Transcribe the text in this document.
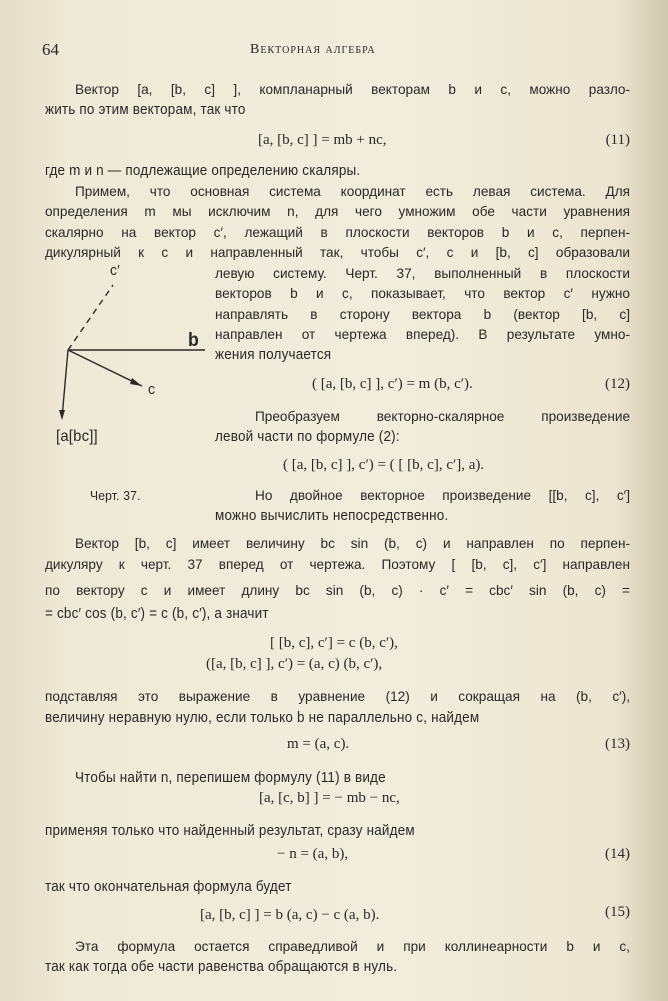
64	Векторная алгебра
Вектор [a, [b, c] ], компланарный векторам b и c, можно разло-
жить по этим векторам, так что
[a, [b, c] ] = mb + nc,	(11)
где m и n — подлежащие определению скаляры.
Примем, что основная система координат есть левая система. Для
определения m мы исключим n, для чего умножим обе части уравнения
скалярно на вектор c′, лежащий в плоскости векторов b и c, перпен-
дикулярный к c и направленный так, чтобы c′, c и [b, c] образовали
левую систему. Черт. 37, выполненный в плоскости
векторов b и c, показывает, что вектор c′ нужно
направлять в сторону вектора b (вектор [b, c]
направлен от чертежа вперед). В результате умно-
жения получается
( [a, [b, c] ], c′) = m (b, c′).	(12)
Преобразуем векторно-скалярное произведение
левой части по формуле (2):
( [a, [b, c] ], c′) = ( [ [b, c], c′], a).
Но двойное векторное произведение [[b, c], c′]
можно вычислить непосредственно.
Черт. 37.
c′
b
c
[a[bc]]
Вектор [b, c] имеет величину bc sin (b, c) и направлен по перпен-
дикуляру к черт. 37 вперед от чертежа. Поэтому [ [b, c], c′] направлен
по вектору c и имеет длину bc sin (b, c) · c′ = cbc′ sin (b, c) =
= cbc′ cos (b, c′) = c (b, c′), а значит
[ [b, c], c′] = c (b, c′),
([a, [b, c] ], c′) = (a, c) (b, c′),
подставляя это выражение в уравнение (12) и сокращая на (b, c′),
величину неравную нулю, если только b не параллельно c, найдем
m = (a, c).	(13)
Чтобы найти n, перепишем формулу (11) в виде
[a, [c, b] ] = − mb − nc,
применяя только что найденный результат, сразу найдем
− n = (a, b),	(14)
так что окончательная формула будет
[a, [b, c] ] = b (a, c) − c (a, b).	(15)
Эта формула остается справедливой и при коллинеарности b и c,
так как тогда обе части равенства обращаются в нуль.
